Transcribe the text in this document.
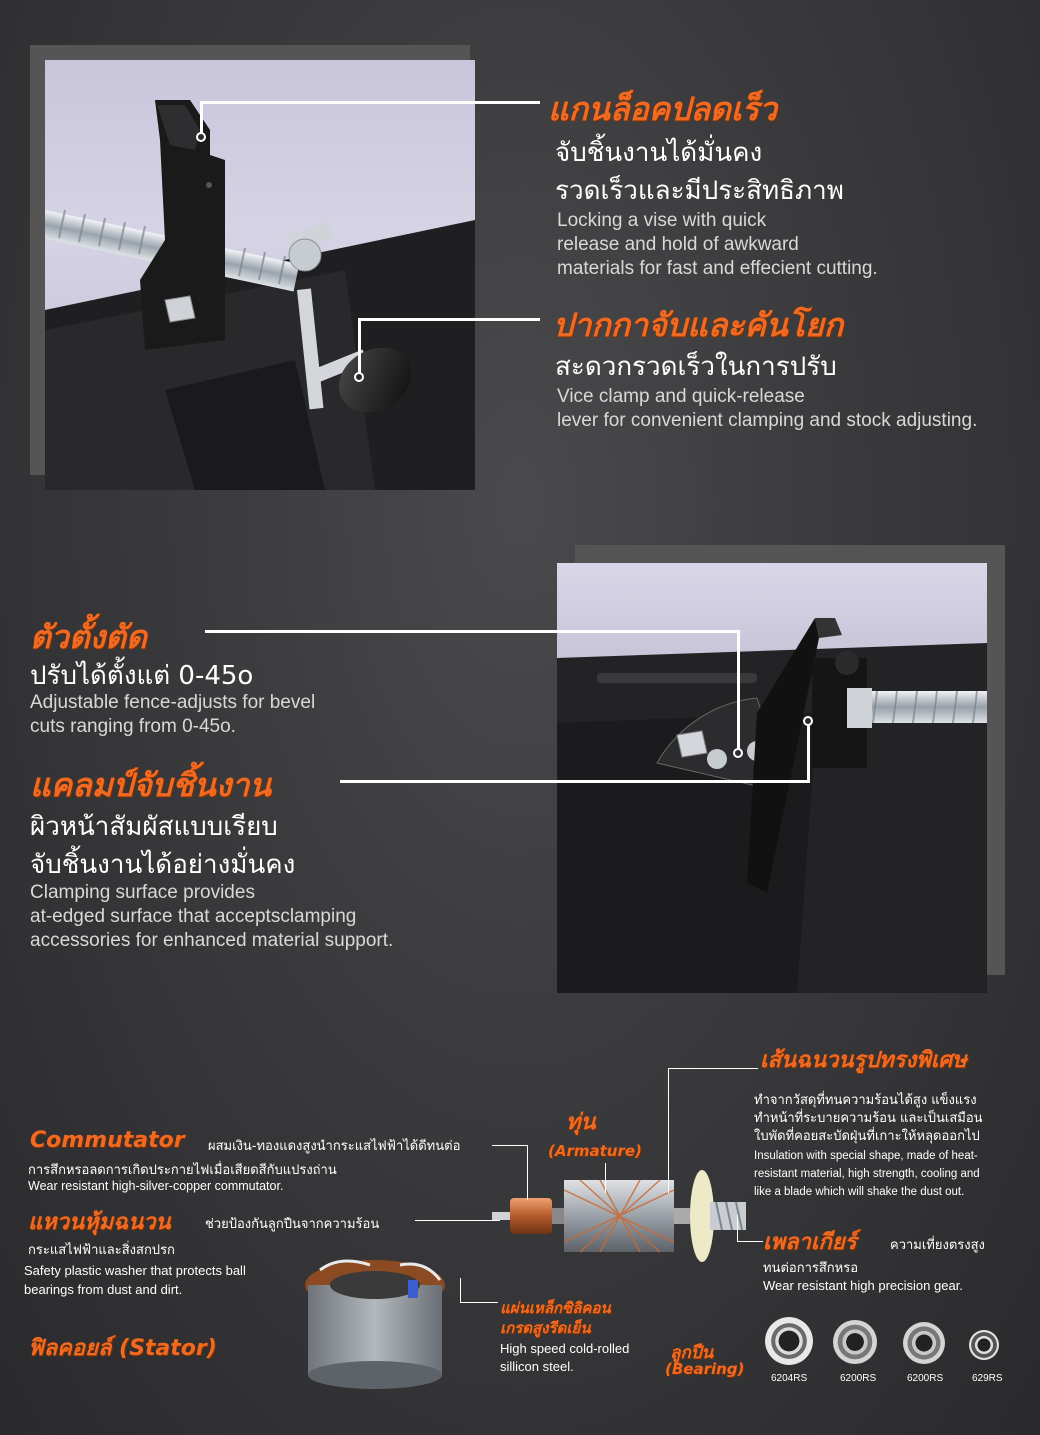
แกนล็อคปลดเร็ว
จับชิ้นงานได้มั่นคง
รวดเร็วและมีประสิทธิภาพ
Locking a vise with quick
release and hold of awkward
materials for fast and effecient cutting.
ปากกาจับและคันโยก
สะดวกรวดเร็วในการปรับ
Vice clamp and quick-release
lever for convenient clamping and stock adjusting.
ตัวตั้งตัด
ปรับได้ตั้งแต่ 0-45o
Adjustable fence-adjusts for bevel
cuts ranging from 0-45o.
แคลมป์จับชิ้นงาน
ผิวหน้าสัมผัสแบบเรียบ
จับชิ้นงานได้อย่างมั่นคง
Clamping surface provides
at-edged surface that acceptsclamping
accessories for enhanced material support.
Commutator ผสมเงิน-ทองแดงสูงนำกระแสไฟฟ้าได้ดีทนต่อ
การสึกหรอลดการเกิดประกายไฟเมื่อเสียดสีกับแปรงถ่าน
Wear resistant high-silver-copper commutator.
ทุ่น
(Armature)
เส้นฉนวนรูปทรงพิเศษ
ทำจากวัสดุที่ทนความร้อนได้สูง แข็งแรง
ทำหน้าที่ระบายความร้อน และเป็นเสมือน
ใบพัดที่คอยสะบัดฝุ่นที่เกาะให้หลุดออกไป
Insulation with special shape, made of heat-
resistant material, high strength, cooling and
like a blade which will shake the dust out.
แหวนหุ้มฉนวน	ช่วยป้องกันลูกปืนจากความร้อน
กระแสไฟฟ้าและสิ่งสกปรก
Safety plastic washer that protects ball
bearings from dust and dirt.
เพลาเกียร์	ความเที่ยงตรงสูง
ทนต่อการสึกหรอ
Wear resistant high precision gear.
แผ่นเหล็กซิลิคอน
เกรดสูงรีดเย็น
High speed cold-rolled
sillicon steel.
ฟิลคอยล์ (Stator)	ลูกปืน
(Bearing)
6204RS	6200RS	6200RS	629RS
